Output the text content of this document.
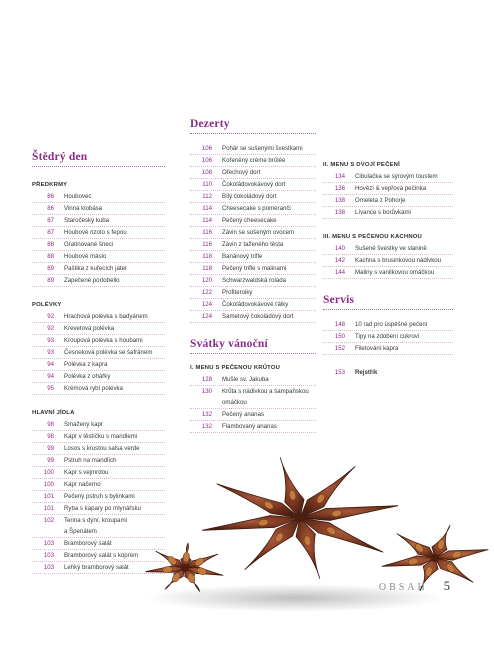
Štědrý den
PŘEDKRMY
86	Houbovec
86	Vinná klobása
87	Staročeský kuba
87	Houbové rizoto s fepou
88	Gratinované šneci
88	Houbové máslo
89	Paštika z kuřecích jater
89	Zapečené portobello
POLÉVKY
92	Hrachová polévka s badyánem
92	Krevetová polévka
93	Kroupová polévka s houbami
93	Česneková polévka se šafránem
94	Polévka z kapra
94	Polévka z ohářky
95	Krémová rybí polévka
HLAVNÍ JÍDLA
98	Smažený kapr
98	Kapr v těstíčku s mandlemi
99	Losos s krustou salsa verde
99	Pstruh na mandlích
100	Kapr s vejmrdou
100	Kapr načerno
101	Pečený pstruh s bylinkami
101	Ryba s kapary po mlynářsku
102	Terina s dýní, kroupami
a Špenátem
103	Bramborový salát
103	Bramborový salát s koprem
103	Lehký bramborový salát
Dezerty
106	Pohár se sušenými švestkami
106	Kořeněný crème brûlée
108	Ořechový dort
110	Čokoládovokávový dort
112	Bílý čokoládový dort
114	Cheesecake s pomeranči
114	Pečený cheesecake
116	Závin se sušeným ovocem
116	Závin z taženého těsta
118	Banánový trifle
118	Pečený trifle s malinami
120	Schwarzwaldská roláda
122	Profiteroiky
124	Čokoládovokávové ťálky
124	Sametový čokoládový dort
Svátky vánoční
I. MENU S PEČENOU KRŮTOU
128	Mušle sv. Jakuba
130	Krůta s nádivkou a šampaňskou
omáčkou
132	Pečený ananas
132	Flambovaný ananas
II. MENU S DVOJÍ PEČENÍ
134	Cibulačka se sýrovým toustem
136	Hovězí & vepřová pečínka
138	Omeleta z Pohorje
138	Lívance s borůvkami
III. MENU S PEČENOU KACHNOU
140	Sušené švestky ve slanině
142	Kachna s brusinkovou nádivkou
144	Maliny s vanilkovou omáčkou
Servis
148	10 rad pro úspěšné pečení
150	Tipy na zdobení cukroví
152	Filetování kapra
153	Rejstřík
OBSAH 5
